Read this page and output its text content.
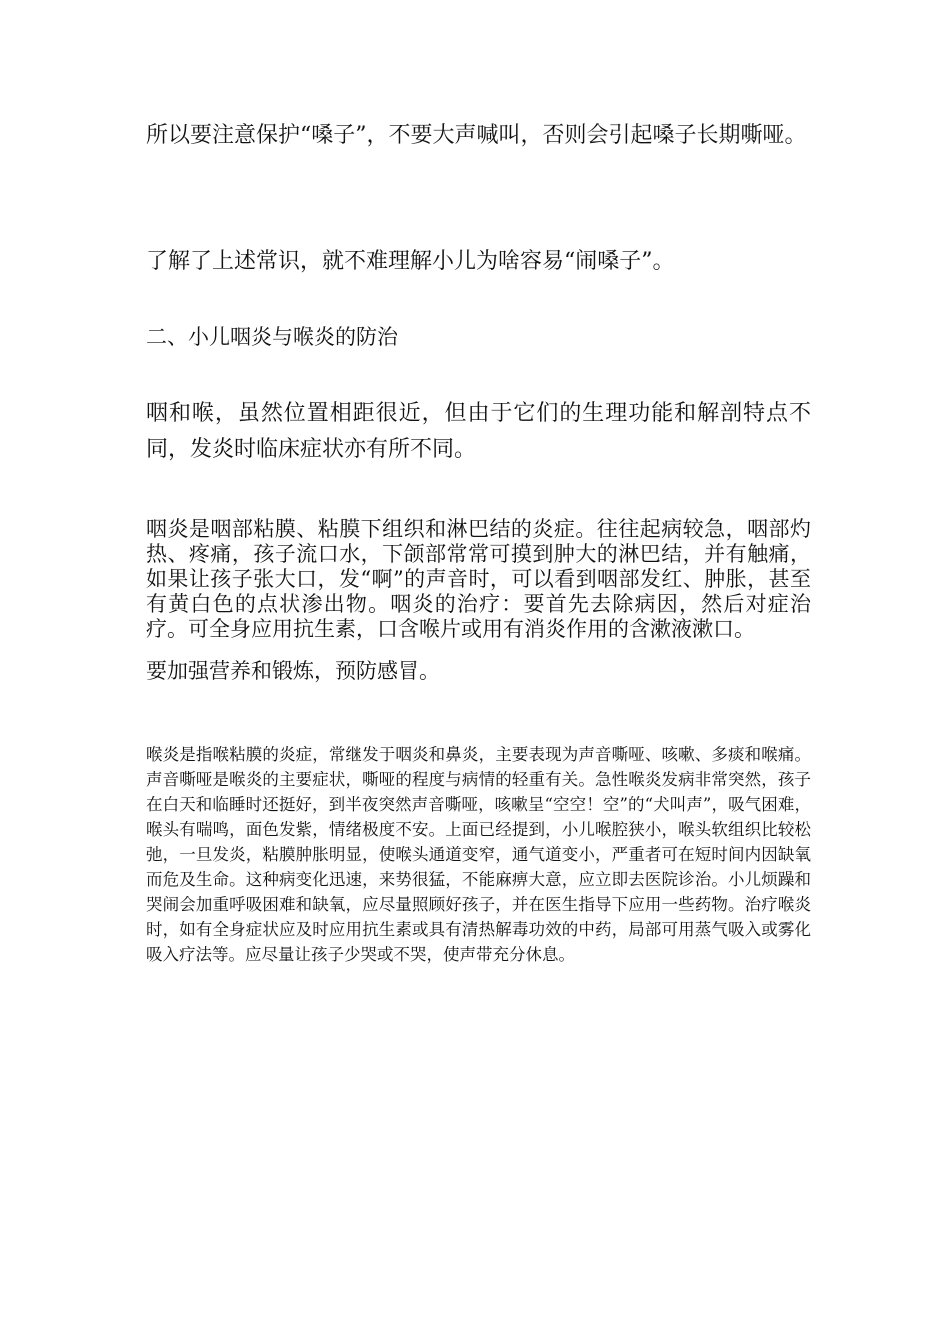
所以要注意保护“嗓子”，不要大声喊叫，否则会引起嗓子长期嘶哑。

了解了上述常识，就不难理解小儿为啥容易“闹嗓子”。

二、小儿咽炎与喉炎的防治

咽和喉，虽然位置相距很近，但由于它们的生理功能和解剖特点不同，发炎时临床症状亦有所不同。

咽炎是咽部粘膜、粘膜下组织和淋巴结的炎症。往往起病较急，咽部灼热、疼痛，孩子流口水，下颌部常常可摸到肿大的淋巴结，并有触痛，如果让孩子张大口，发“啊”的声音时，可以看到咽部发红、肿胀，甚至有黄白色的点状渗出物。咽炎的治疗：要首先去除病因，然后对症治疗。可全身应用抗生素，口含喉片或用有消炎作用的含漱液漱口。

要加强营养和锻炼，预防感冒。

喉炎是指喉粘膜的炎症，常继发于咽炎和鼻炎，主要表现为声音嘶哑、咳嗽、多痰和喉痛。声音嘶哑是喉炎的主要症状，嘶哑的程度与病情的轻重有关。急性喉炎发病非常突然，孩子在白天和临睡时还挺好，到半夜突然声音嘶哑，咳嗽呈“空空！空”的“犬叫声”，吸气困难，喉头有喘鸣，面色发紫，情绪极度不安。上面已经提到，小儿喉腔狭小，喉头软组织比较松弛，一旦发炎，粘膜肿胀明显，使喉头通道变窄，通气道变小，严重者可在短时间内因缺氧而危及生命。这种病变化迅速，来势很猛，不能麻痹大意，应立即去医院诊治。小儿烦躁和哭闹会加重呼吸困难和缺氧，应尽量照顾好孩子，并在医生指导下应用一些药物。治疗喉炎时，如有全身症状应及时应用抗生素或具有清热解毒功效的中药，局部可用蒸气吸入或雾化吸入疗法等。应尽量让孩子少哭或不哭，使声带充分休息。
